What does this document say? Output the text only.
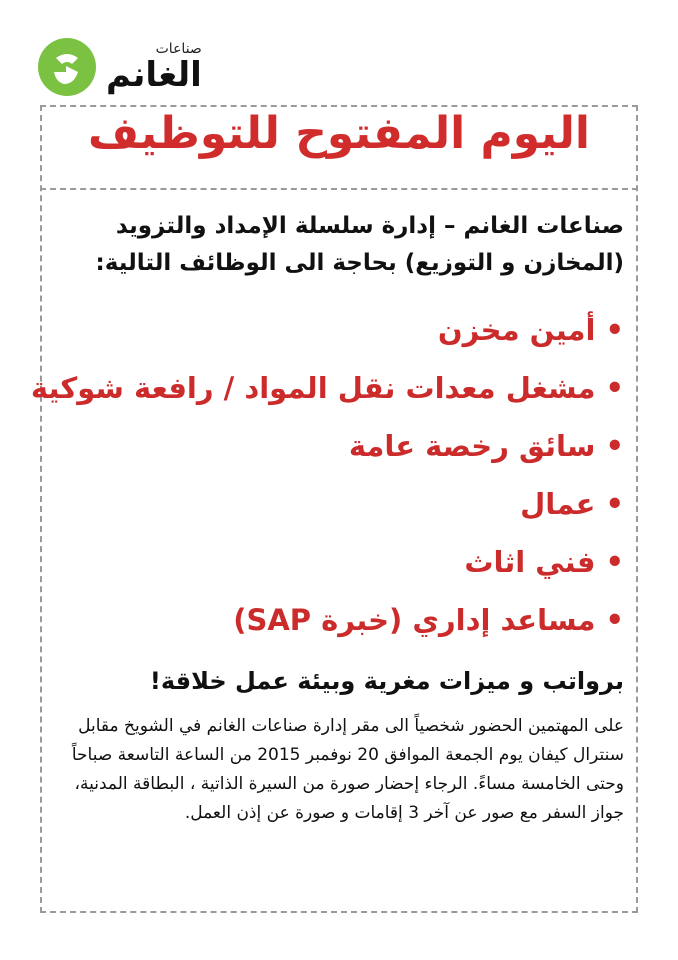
صناعات
الغانم
اليوم المفتوح للتوظيف

صناعات الغانم – إدارة سلسلة الإمداد والتزويد
(المخازن و التوزيع) بحاجة الى الوظائف التالية:

•أمين مخزن
•مشغل معدات نقل المواد / رافعة شوكية
•سائق رخصة عامة
•عمال
•فني اثاث
•مساعد إداري (خبرة SAP)

برواتب و ميزات مغرية وبيئة عمل خلاقة!

على المهتمين الحضور شخصياً الى مقر إدارة صناعات الغانم في الشويخ مقابل سنترال كيفان يوم الجمعة الموافق 20 نوفمبر 2015 من الساعة التاسعة صباحاً وحتى الخامسة مساءً. الرجاء إحضار صورة من السيرة الذاتية ، البطاقة المدنية، جواز السفر مع صور عن آخر 3 إقامات و صورة عن إذن العمل.
